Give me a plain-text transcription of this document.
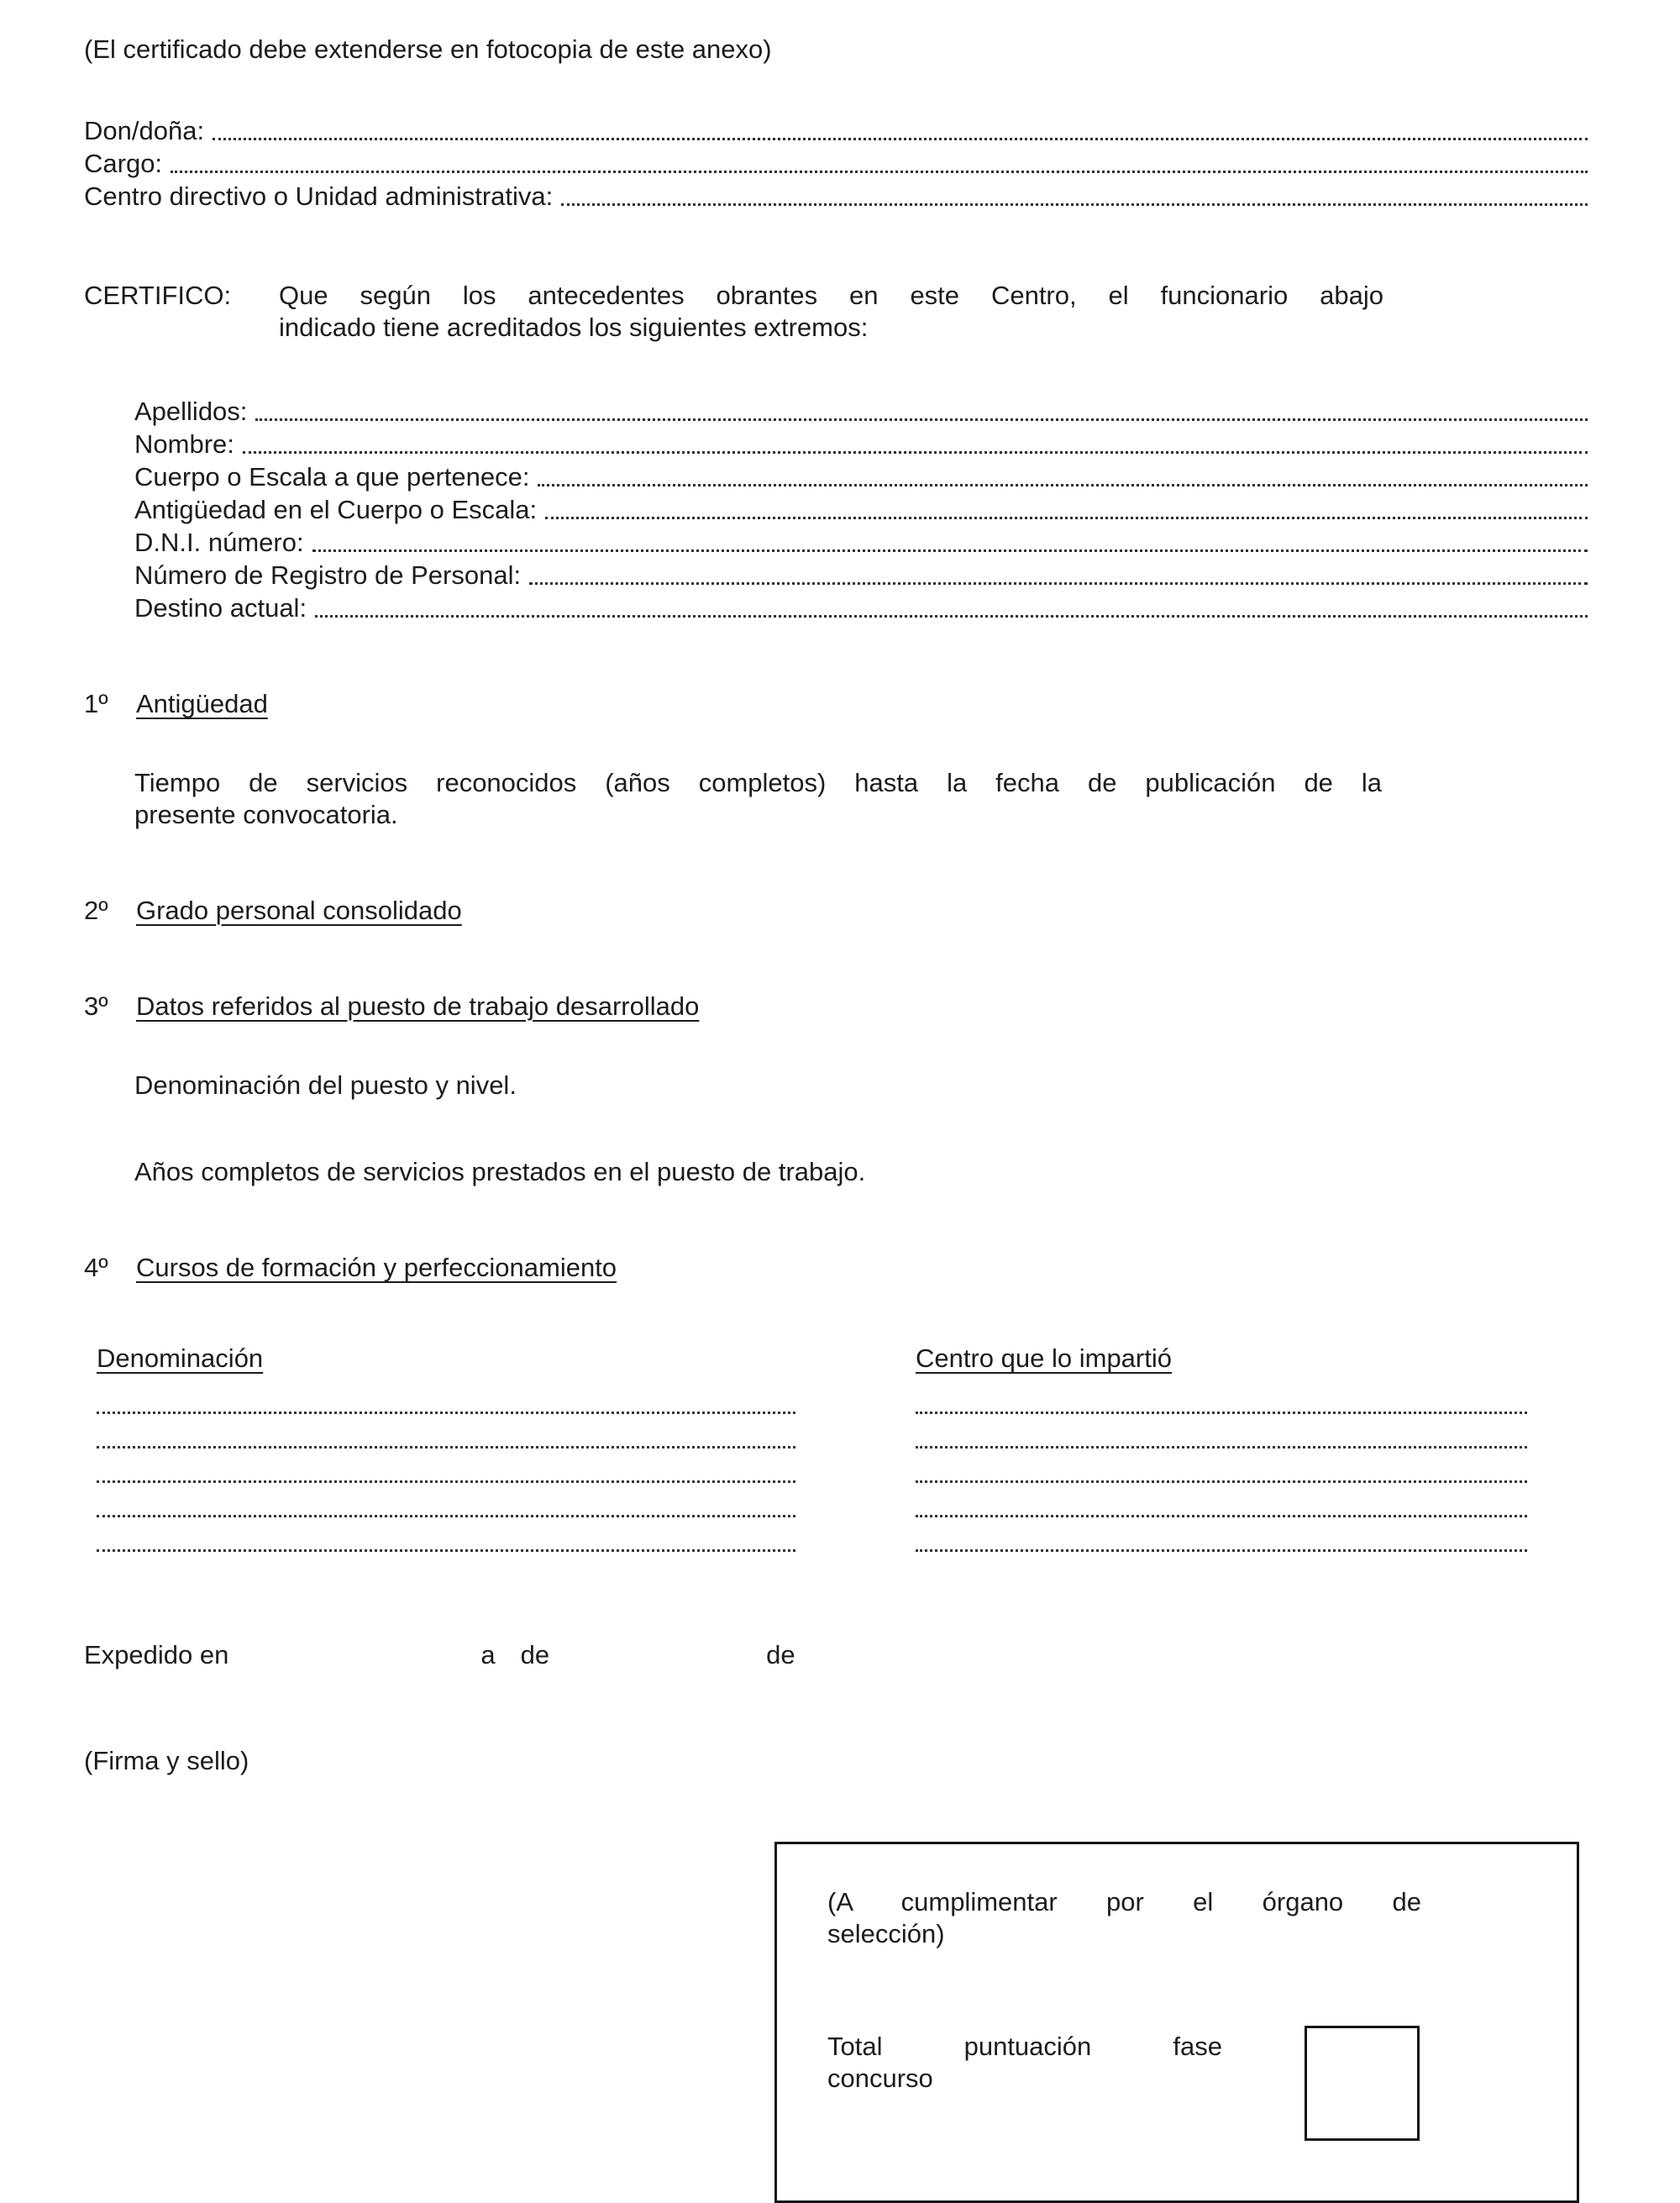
(El certificado debe extenderse en fotocopia de este anexo)

Don/doña:
Cargo:
Centro directivo o Unidad administrativa:
CERTIFICO:	Que según los antecedentes obrantes en este Centro, el funcionario abajo
indicado tiene acreditados los siguientes extremos:
Apellidos:
Nombre:
Cuerpo o Escala a que pertenece:
Antigüedad en el Cuerpo o Escala:
D.N.I. número:
Número de Registro de Personal:
Destino actual:
1º	Antigüedad
Tiempo de servicios reconocidos (años completos) hasta la fecha de publicación de la
presente convocatoria.
2º	Grado personal consolidado
3º	Datos referidos al puesto de trabajo desarrollado
Denominación del puesto y nivel.
Años completos de servicios prestados en el puesto de trabajo.
4º	Cursos de formación y perfeccionamiento
Denominación	Centro que lo impartió
Expedido en	a de	de

(Firma y sello)

(A cumplimentar por el órgano de
selección)
Total puntuación fase
concurso
